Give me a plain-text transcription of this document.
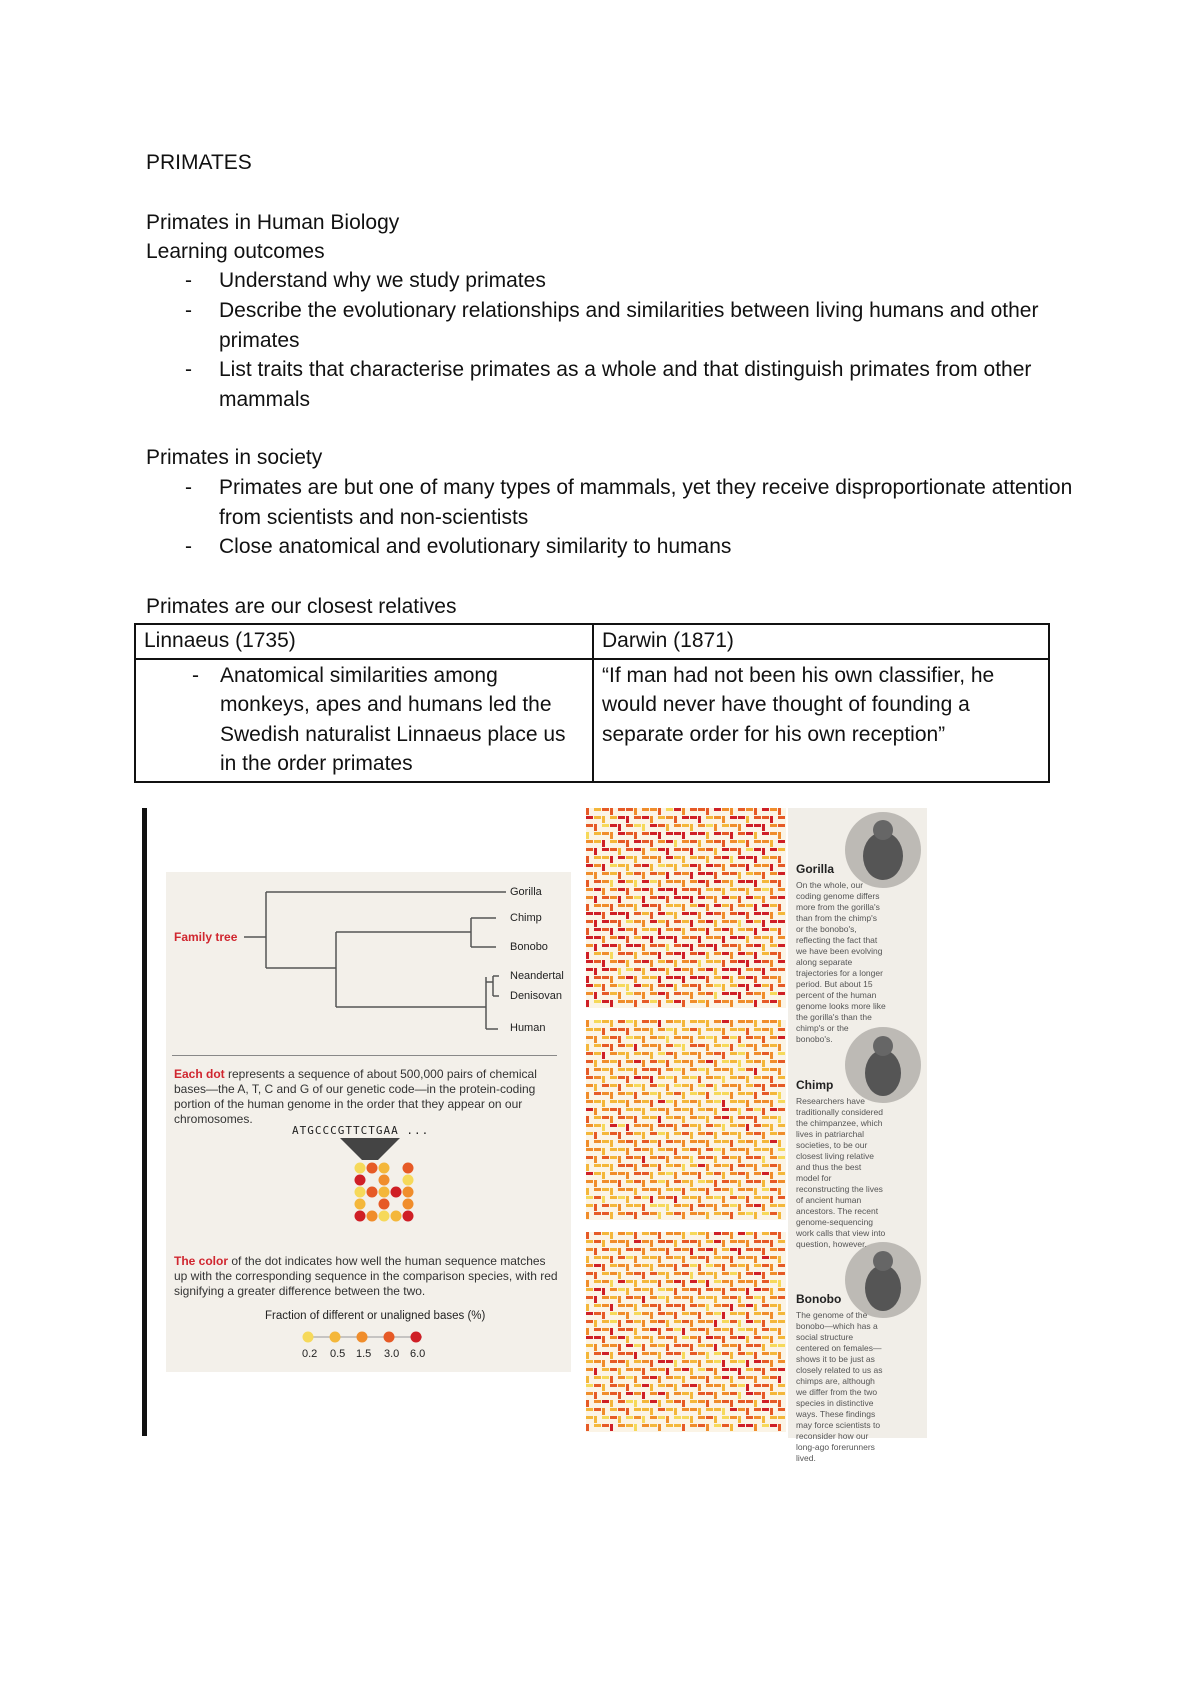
PRIMATES
Primates in Human Biology
Learning outcomes
- Understand why we study primates
- Describe the evolutionary relationships and similarities between living humans and other primates
- List traits that characterise primates as a whole and that distinguish primates from other mammals
Primates in society
- Primates are but one of many types of mammals, yet they receive disproportionate attention from scientists and non-scientists
- Close anatomical and evolutionary similarity to humans
Primates are our closest relatives
Linnaeus (1735)	Darwin (1871)

- Anatomical similarities among monkeys, apes and humans led the Swedish naturalist Linnaeus place us in the order primates	“If man had not been his own classifier, he would never have thought of founding a separate order for his own reception”
Family tree
Gorilla
Chimp
Bonobo
Neandertal
Denisovan
Human
Each dot represents a sequence of about 500,000 pairs of chemical bases—the A, T, C and G of our genetic code—in the protein-coding portion of the human genome in the order that they appear on our chromosomes.
ATGCCCGTTCTGAA ...
The color of the dot indicates how well the human sequence matches up with the corresponding sequence in the comparison species, with red signifying a greater difference between the two.
Fraction of different or unaligned bases (%)
0.2 0.5 1.5 3.0 6.0
Gorilla
On the whole, our coding genome differs more from the gorilla's than from the chimp's or the bonobo's, reflecting the fact that we have been evolving along separate trajectories for a longer period. But about 15 percent of the human genome looks more like the gorilla's than the chimp's or the bonobo's.
Chimp
Researchers have traditionally considered the chimpanzee, which lives in patriarchal societies, to be our closest living relative and thus the best model for reconstructing the lives of ancient human ancestors. The recent genome-sequencing work calls that view into question, however.
Bonobo
The genome of the bonobo—which has a social structure centered on females—shows it to be just as closely related to us as chimps are, although we differ from the two species in distinctive ways. These findings may force scientists to reconsider how our long-ago forerunners lived.
